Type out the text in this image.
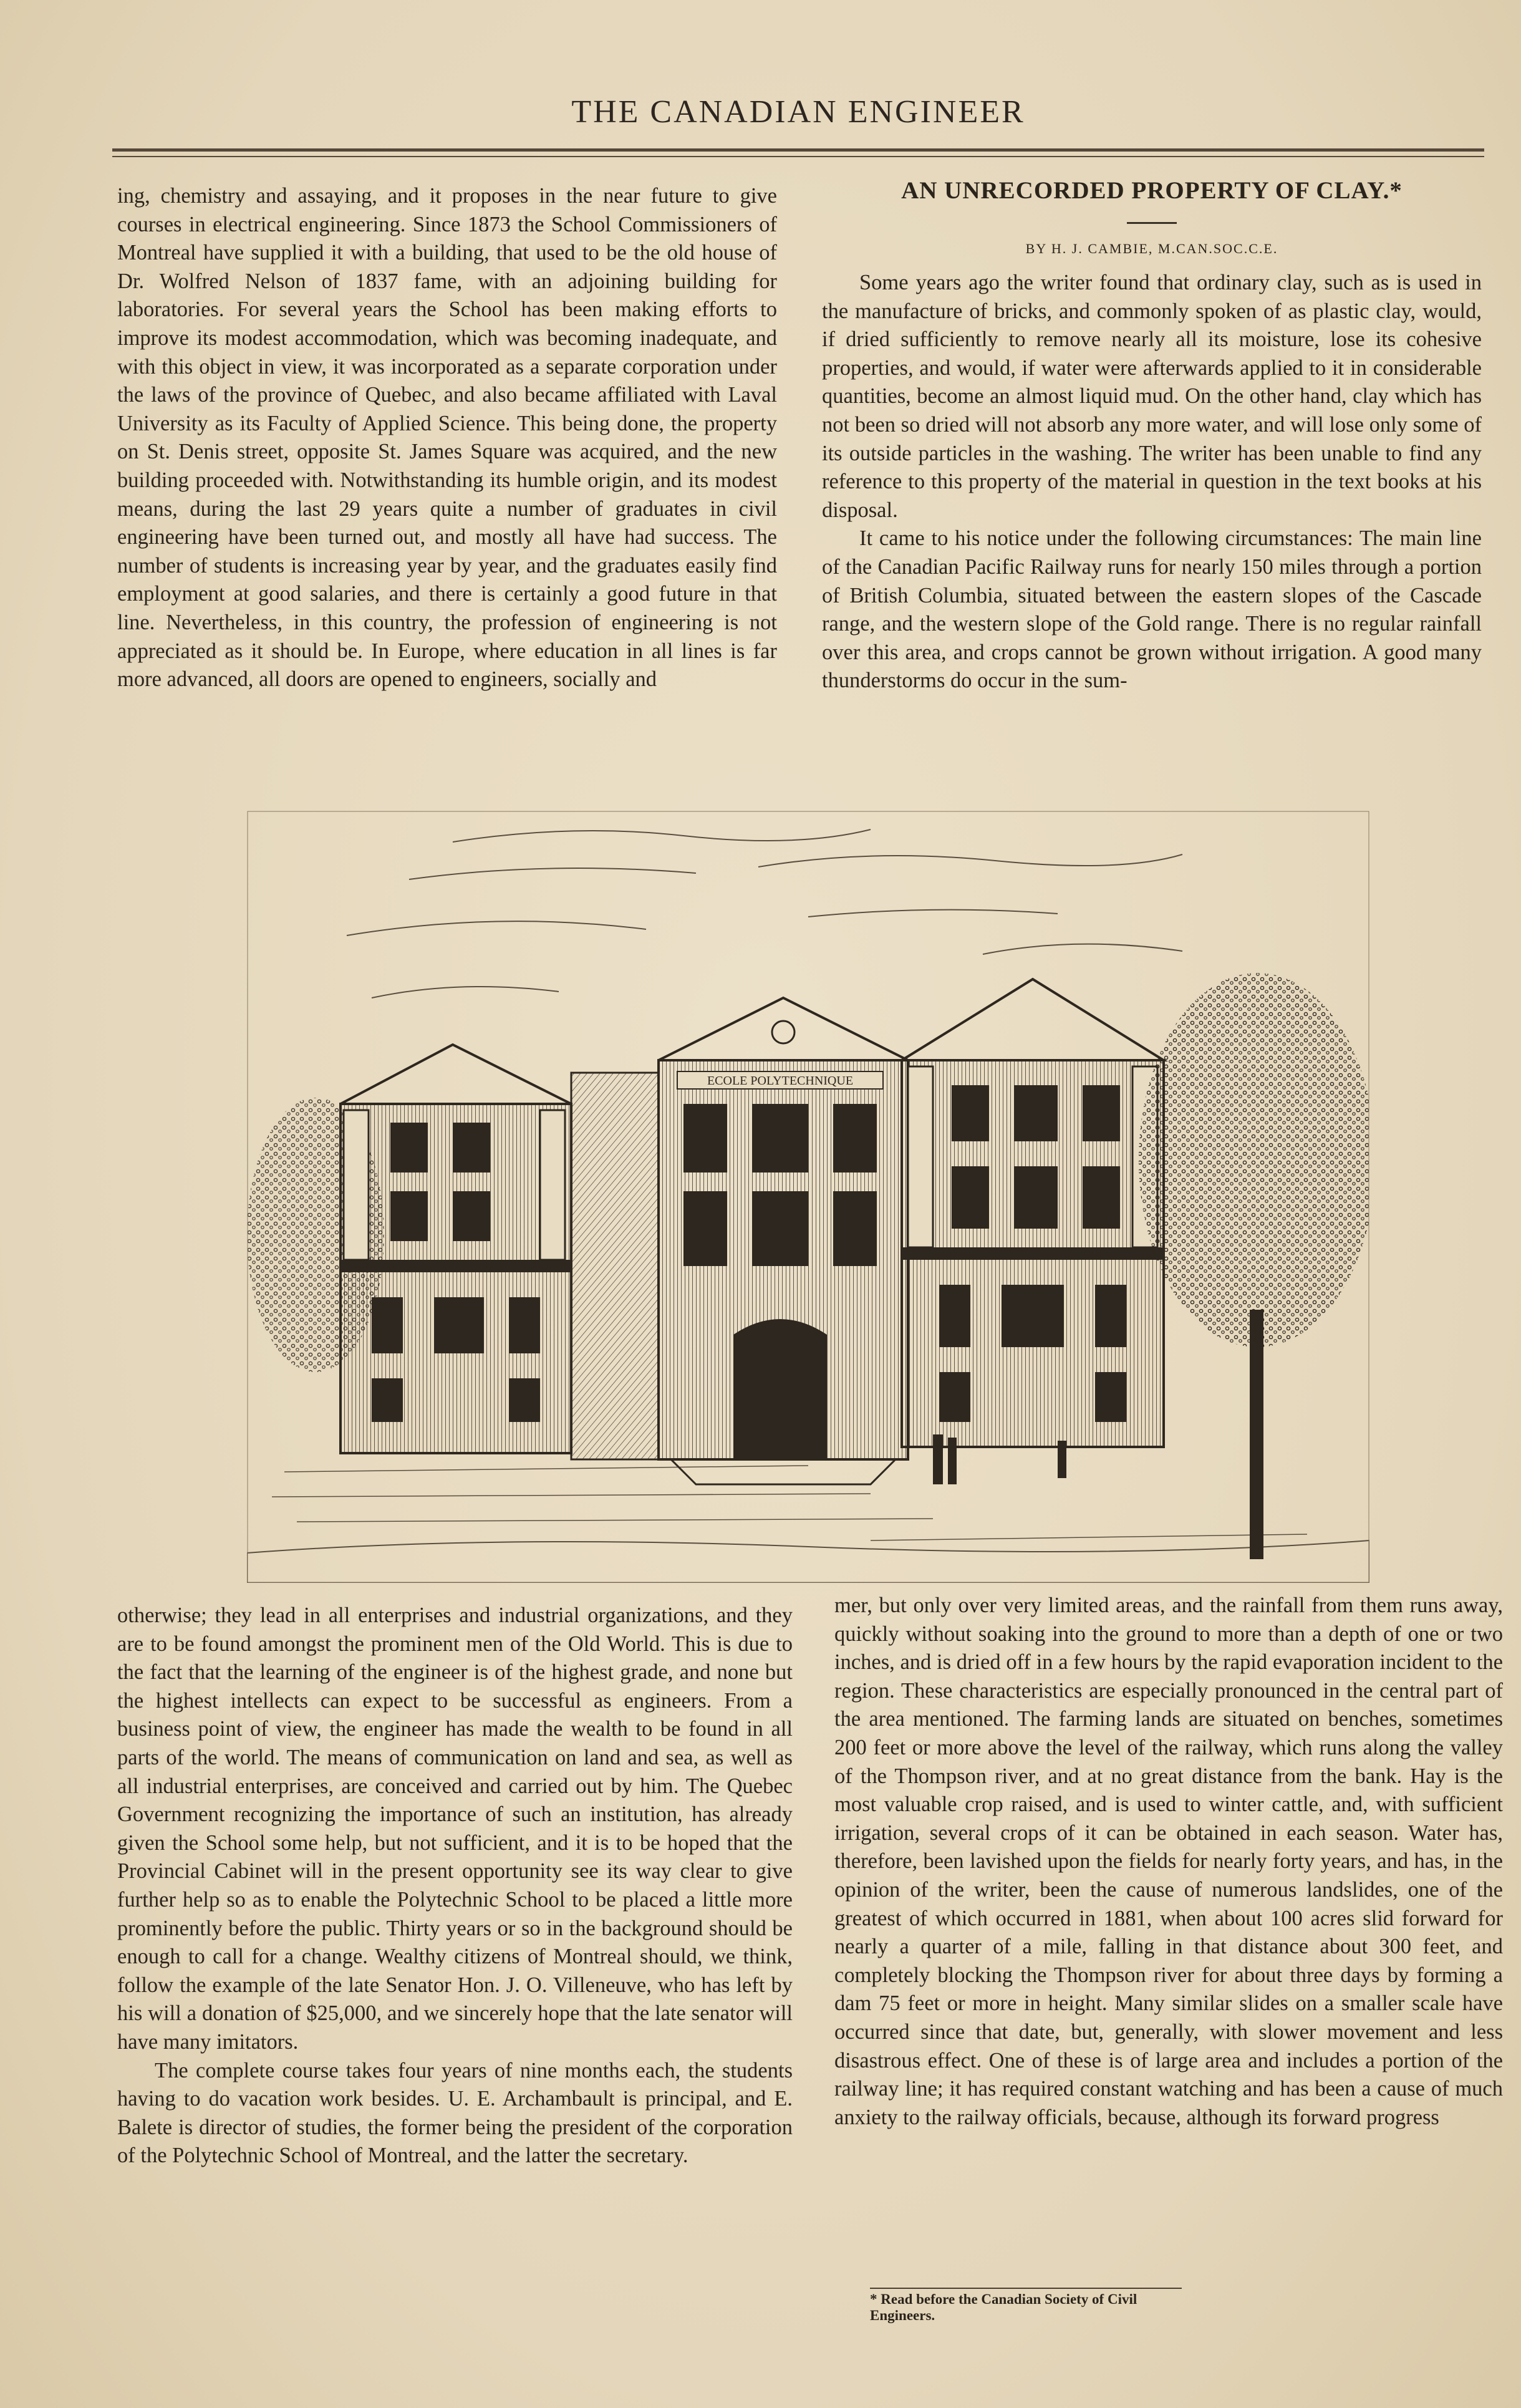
THE CANADIAN ENGINEER

ing, chemistry and assaying, and it proposes in the near future to give courses in electrical engineering. Since 1873 the School Commissioners of Montreal have supplied it with a building, that used to be the old house of Dr. Wolfred Nelson of 1837 fame, with an adjoining building for laboratories. For several years the School has been making efforts to improve its modest accommodation, which was becoming inadequate, and with this object in view, it was incorporated as a separate corporation under the laws of the province of Quebec, and also became affiliated with Laval University as its Faculty of Applied Science. This being done, the property on St. Denis street, opposite St. James Square was acquired, and the new building proceeded with. Notwithstanding its humble origin, and its modest means, during the last 29 years quite a number of graduates in civil engineering have been turned out, and mostly all have had success. The number of students is increasing year by year, and the graduates easily find employment at good salaries, and there is certainly a good future in that line. Nevertheless, in this country, the profession of engineering is not appreciated as it should be. In Europe, where education in all lines is far more advanced, all doors are opened to engineers, socially and

AN UNRECORDED PROPERTY OF CLAY.*
BY H. J. CAMBIE, M.CAN.SOC.C.E.

Some years ago the writer found that ordinary clay, such as is used in the manufacture of bricks, and commonly spoken of as plastic clay, would, if dried sufficiently to remove nearly all its moisture, lose its cohesive properties, and would, if water were afterwards applied to it in considerable quantities, become an almost liquid mud. On the other hand, clay which has not been so dried will not absorb any more water, and will lose only some of its outside particles in the washing. The writer has been unable to find any reference to this property of the material in question in the text books at his disposal.

It came to his notice under the following circumstances: The main line of the Canadian Pacific Railway runs for nearly 150 miles through a portion of British Columbia, situated between the eastern slopes of the Cascade range, and the western slope of the Gold range. There is no regular rainfall over this area, and crops cannot be grown without irrigation. A good many thunderstorms do occur in the sum-

ECOLE POLYTECHNIQUE

otherwise; they lead in all enterprises and industrial organizations, and they are to be found amongst the prominent men of the Old World. This is due to the fact that the learning of the engineer is of the highest grade, and none but the highest intellects can expect to be successful as engineers. From a business point of view, the engineer has made the wealth to be found in all parts of the world. The means of communication on land and sea, as well as all industrial enterprises, are conceived and carried out by him. The Quebec Government recognizing the importance of such an institution, has already given the School some help, but not sufficient, and it is to be hoped that the Provincial Cabinet will in the present opportunity see its way clear to give further help so as to enable the Polytechnic School to be placed a little more prominently before the public. Thirty years or so in the background should be enough to call for a change. Wealthy citizens of Montreal should, we think, follow the example of the late Senator Hon. J. O. Villeneuve, who has left by his will a donation of $25,000, and we sincerely hope that the late senator will have many imitators.

The complete course takes four years of nine months each, the students having to do vacation work besides. U. E. Archambault is principal, and E. Balete is director of studies, the former being the president of the corporation of the Polytechnic School of Montreal, and the latter the secretary.

mer, but only over very limited areas, and the rainfall from them runs away, quickly without soaking into the ground to more than a depth of one or two inches, and is dried off in a few hours by the rapid evaporation incident to the region. These characteristics are especially pronounced in the central part of the area mentioned. The farming lands are situated on benches, sometimes 200 feet or more above the level of the railway, which runs along the valley of the Thompson river, and at no great distance from the bank. Hay is the most valuable crop raised, and is used to winter cattle, and, with sufficient irrigation, several crops of it can be obtained in each season. Water has, therefore, been lavished upon the fields for nearly forty years, and has, in the opinion of the writer, been the cause of numerous landslides, one of the greatest of which occurred in 1881, when about 100 acres slid forward for nearly a quarter of a mile, falling in that distance about 300 feet, and completely blocking the Thompson river for about three days by forming a dam 75 feet or more in height. Many similar slides on a smaller scale have occurred since that date, but, generally, with slower movement and less disastrous effect. One of these is of large area and includes a portion of the railway line; it has required constant watching and has been a cause of much anxiety to the railway officials, because, although its forward progress

* Read before the Canadian Society of Civil Engineers.
